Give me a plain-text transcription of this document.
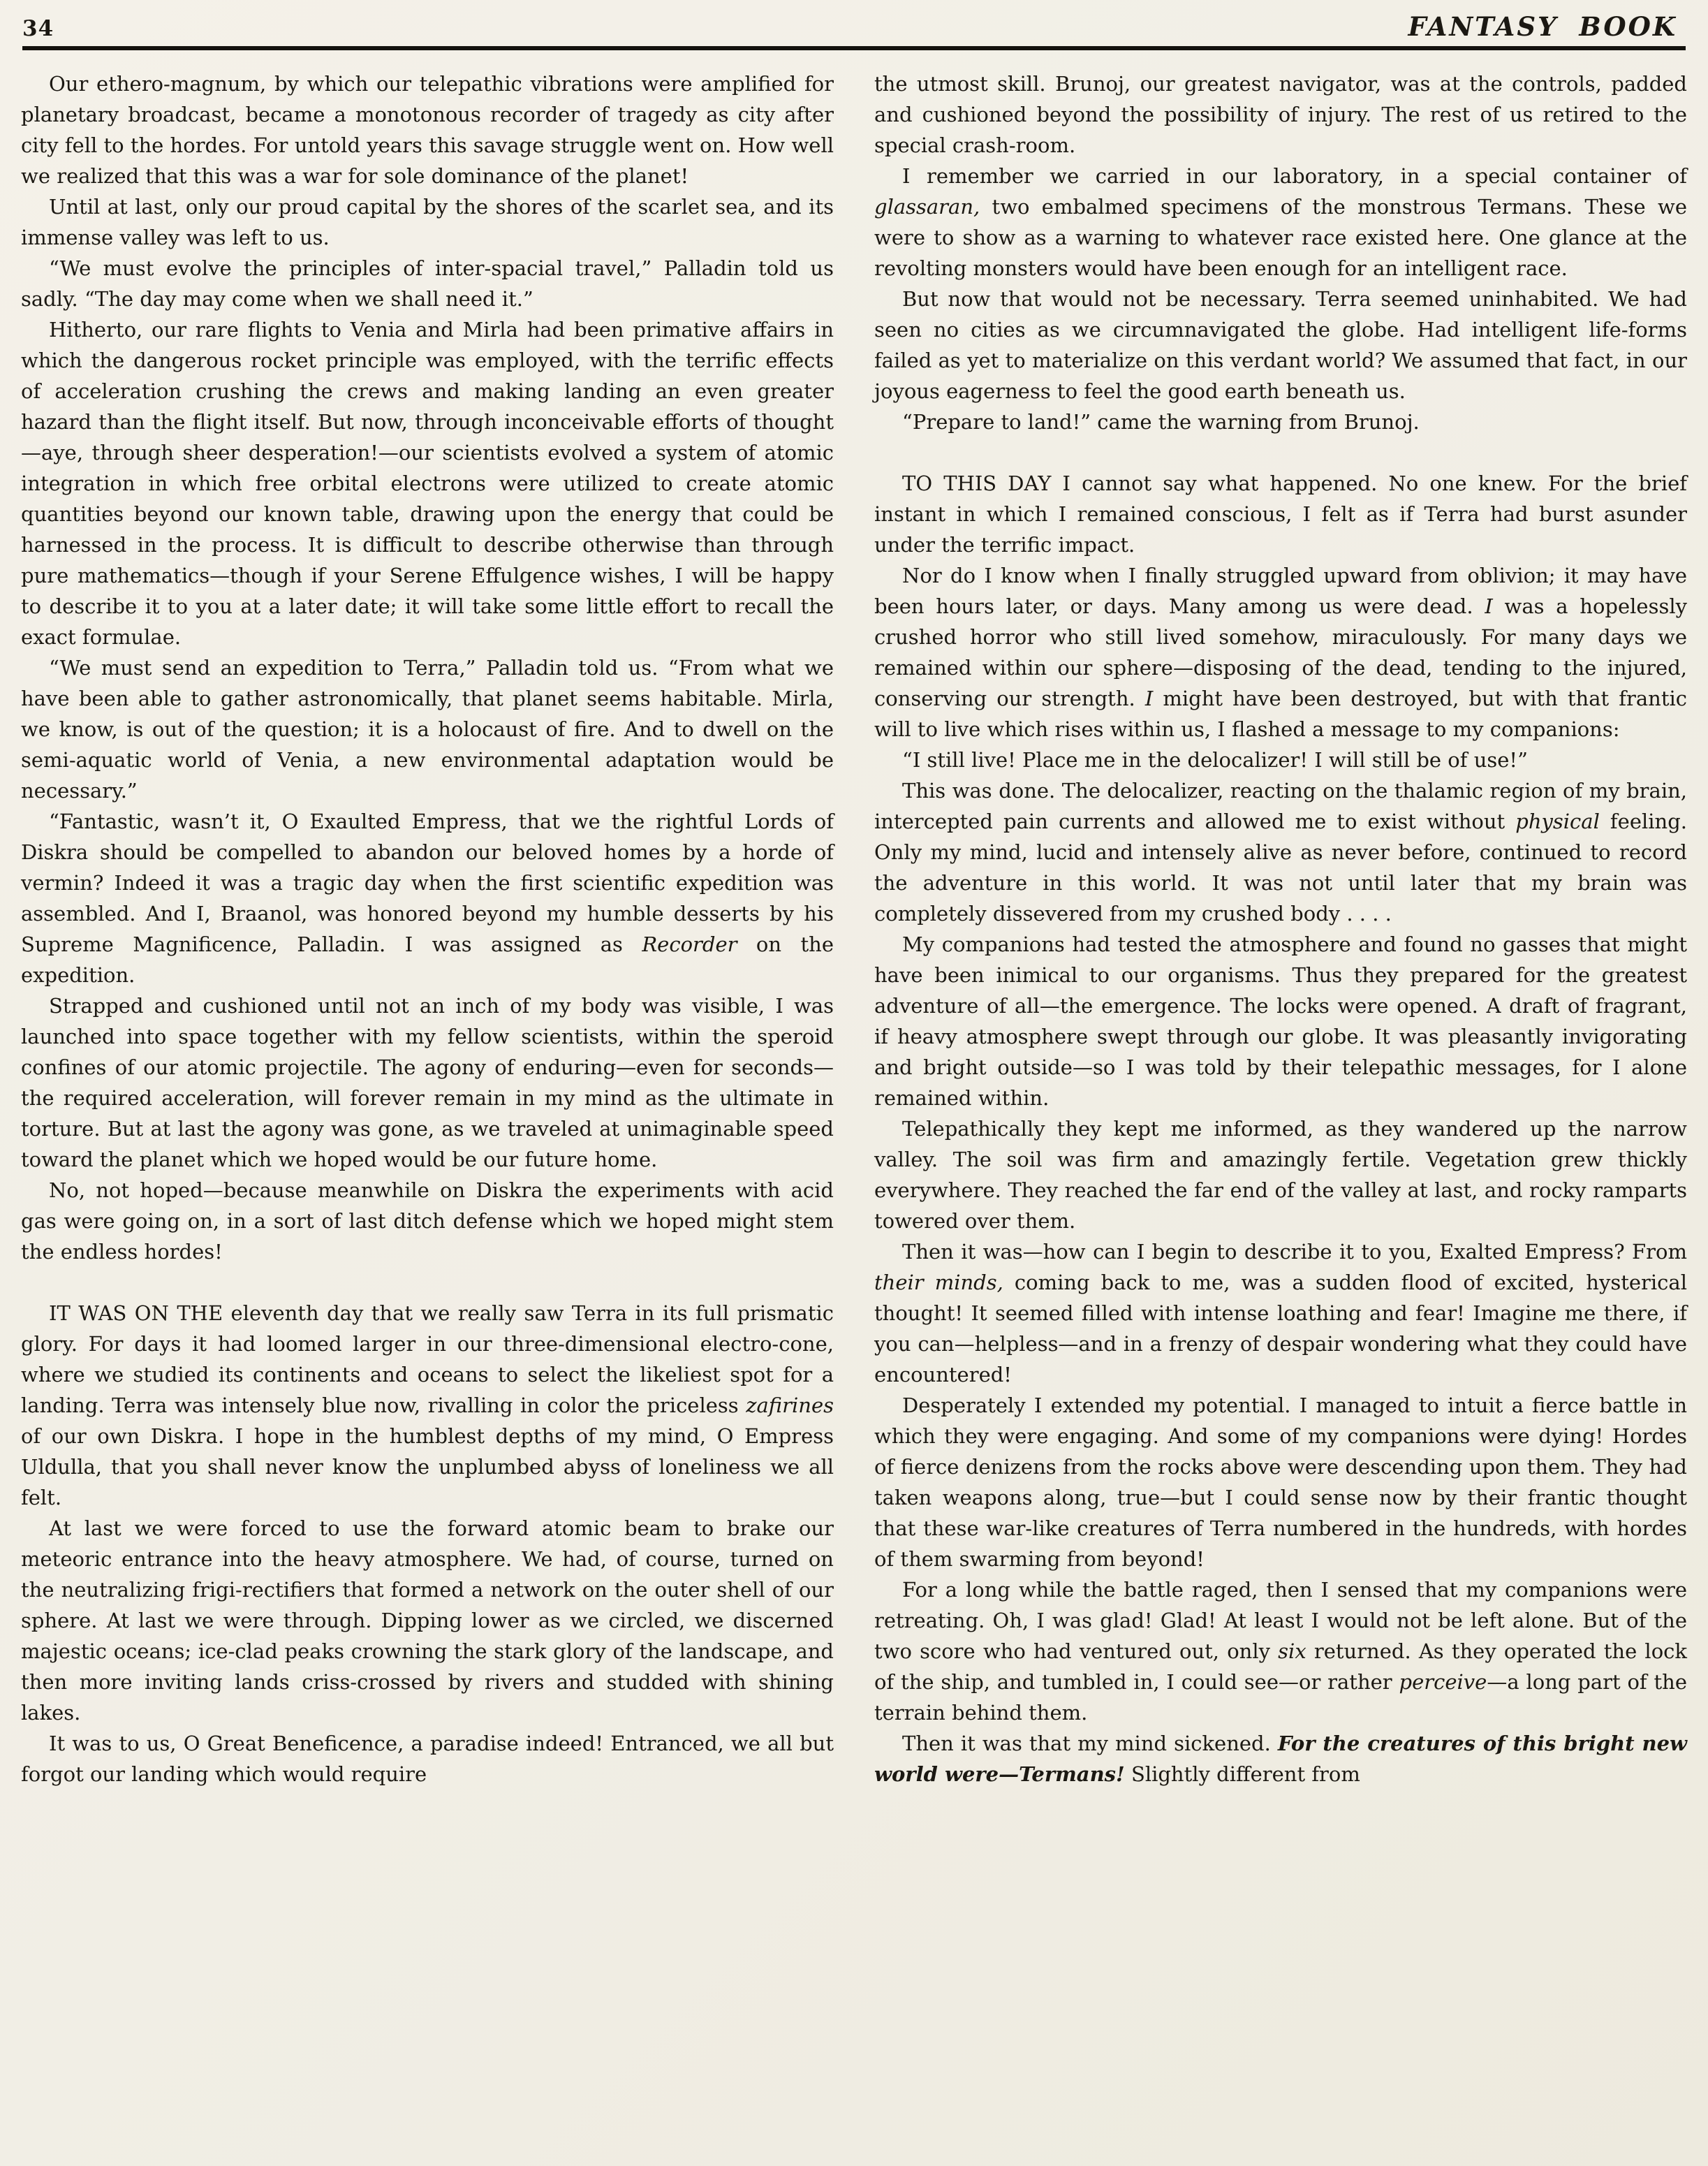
34	FANTASY BOOK

Our ethero-magnum, by which our telepathic vibrations were amplified for planetary broadcast, became a monotonous recorder of tragedy as city after city fell to the hordes. For untold years this savage struggle went on. How well we realized that this was a war for sole dominance of the planet!

Until at last, only our proud capital by the shores of the scarlet sea, and its immense valley was left to us.

“We must evolve the principles of inter-spacial travel,” Palladin told us sadly. “The day may come when we shall need it.”

Hitherto, our rare flights to Venia and Mirla had been primative affairs in which the dangerous rocket principle was employed, with the terrific effects of acceleration crushing the crews and making landing an even greater hazard than the flight itself. But now, through inconceivable efforts of thought—aye, through sheer desperation!—our scientists evolved a system of atomic integration in which free orbital electrons were utilized to create atomic quantities beyond our known table, drawing upon the energy that could be harnessed in the process. It is difficult to describe otherwise than through pure mathematics—though if your Serene Effulgence wishes, I will be happy to describe it to you at a later date; it will take some little effort to recall the exact formulae.

“We must send an expedition to Terra,” Palladin told us. “From what we have been able to gather astronomically, that planet seems habitable. Mirla, we know, is out of the question; it is a holocaust of fire. And to dwell on the semi-aquatic world of Venia, a new environmental adaptation would be necessary.”

“Fantastic, wasn’t it, O Exaulted Empress, that we the rightful Lords of Diskra should be compelled to abandon our beloved homes by a horde of vermin? Indeed it was a tragic day when the first scientific expedition was assembled. And I, Braanol, was honored beyond my humble desserts by his Supreme Magnificence, Palladin. I was assigned as Recorder on the expedition.

Strapped and cushioned until not an inch of my body was visible, I was launched into space together with my fellow scientists, within the speroid confines of our atomic projectile. The agony of enduring—even for seconds—the required acceleration, will forever remain in my mind as the ultimate in torture. But at last the agony was gone, as we traveled at unimaginable speed toward the planet which we hoped would be our future home.

No, not hoped—because meanwhile on Diskra the experiments with acid gas were going on, in a sort of last ditch defense which we hoped might stem the endless hordes!

IT WAS ON THE eleventh day that we really saw Terra in its full prismatic glory. For days it had loomed larger in our three-dimensional electro-cone, where we studied its continents and oceans to select the likeliest spot for a landing. Terra was intensely blue now, rivalling in color the priceless zafirines of our own Diskra. I hope in the humblest depths of my mind, O Empress Uldulla, that you shall never know the unplumbed abyss of loneliness we all felt.

At last we were forced to use the forward atomic beam to brake our meteoric entrance into the heavy atmosphere. We had, of course, turned on the neutralizing frigi-rectifiers that formed a network on the outer shell of our sphere. At last we were through. Dipping lower as we circled, we discerned majestic oceans; ice-clad peaks crowning the stark glory of the landscape, and then more inviting lands criss-crossed by rivers and studded with shining lakes.

It was to us, O Great Beneficence, a paradise indeed! Entranced, we all but forgot our landing which would require

the utmost skill. Brunoj, our greatest navigator, was at the controls, padded and cushioned beyond the possibility of injury. The rest of us retired to the special crash-room.

I remember we carried in our laboratory, in a special container of glassaran, two embalmed specimens of the monstrous Termans. These we were to show as a warning to whatever race existed here. One glance at the revolting monsters would have been enough for an intelligent race.

But now that would not be necessary. Terra seemed uninhabited. We had seen no cities as we circumnavigated the globe. Had intelligent life-forms failed as yet to materialize on this verdant world? We assumed that fact, in our joyous eagerness to feel the good earth beneath us.

“Prepare to land!” came the warning from Brunoj.

TO THIS DAY I cannot say what happened. No one knew. For the brief instant in which I remained conscious, I felt as if Terra had burst asunder under the terrific impact.

Nor do I know when I finally struggled upward from oblivion; it may have been hours later, or days. Many among us were dead. I was a hopelessly crushed horror who still lived somehow, miraculously. For many days we remained within our sphere—disposing of the dead, tending to the injured, conserving our strength. I might have been destroyed, but with that frantic will to live which rises within us, I flashed a message to my companions:

“I still live! Place me in the delocalizer! I will still be of use!”

This was done. The delocalizer, reacting on the thalamic region of my brain, intercepted pain currents and allowed me to exist without physical feeling. Only my mind, lucid and intensely alive as never before, continued to record the adventure in this world. It was not until later that my brain was completely dissevered from my crushed body . . . .

My companions had tested the atmosphere and found no gasses that might have been inimical to our organisms. Thus they prepared for the greatest adventure of all—the emergence. The locks were opened. A draft of fragrant, if heavy atmosphere swept through our globe. It was pleasantly invigorating and bright outside—so I was told by their telepathic messages, for I alone remained within.

Telepathically they kept me informed, as they wandered up the narrow valley. The soil was firm and amazingly fertile. Vegetation grew thickly everywhere. They reached the far end of the valley at last, and rocky ramparts towered over them.

Then it was—how can I begin to describe it to you, Exalted Empress? From their minds, coming back to me, was a sudden flood of excited, hysterical thought! It seemed filled with intense loathing and fear! Imagine me there, if you can—helpless—and in a frenzy of despair wondering what they could have encountered!

Desperately I extended my potential. I managed to intuit a fierce battle in which they were engaging. And some of my companions were dying! Hordes of fierce denizens from the rocks above were descending upon them. They had taken weapons along, true—but I could sense now by their frantic thought that these war-like creatures of Terra numbered in the hundreds, with hordes of them swarming from beyond!

For a long while the battle raged, then I sensed that my companions were retreating. Oh, I was glad! Glad! At least I would not be left alone. But of the two score who had ventured out, only six returned. As they operated the lock of the ship, and tumbled in, I could see—or rather perceive—a long part of the terrain behind them.

Then it was that my mind sickened. For the creatures of this bright new world were—Termans! Slightly different from
